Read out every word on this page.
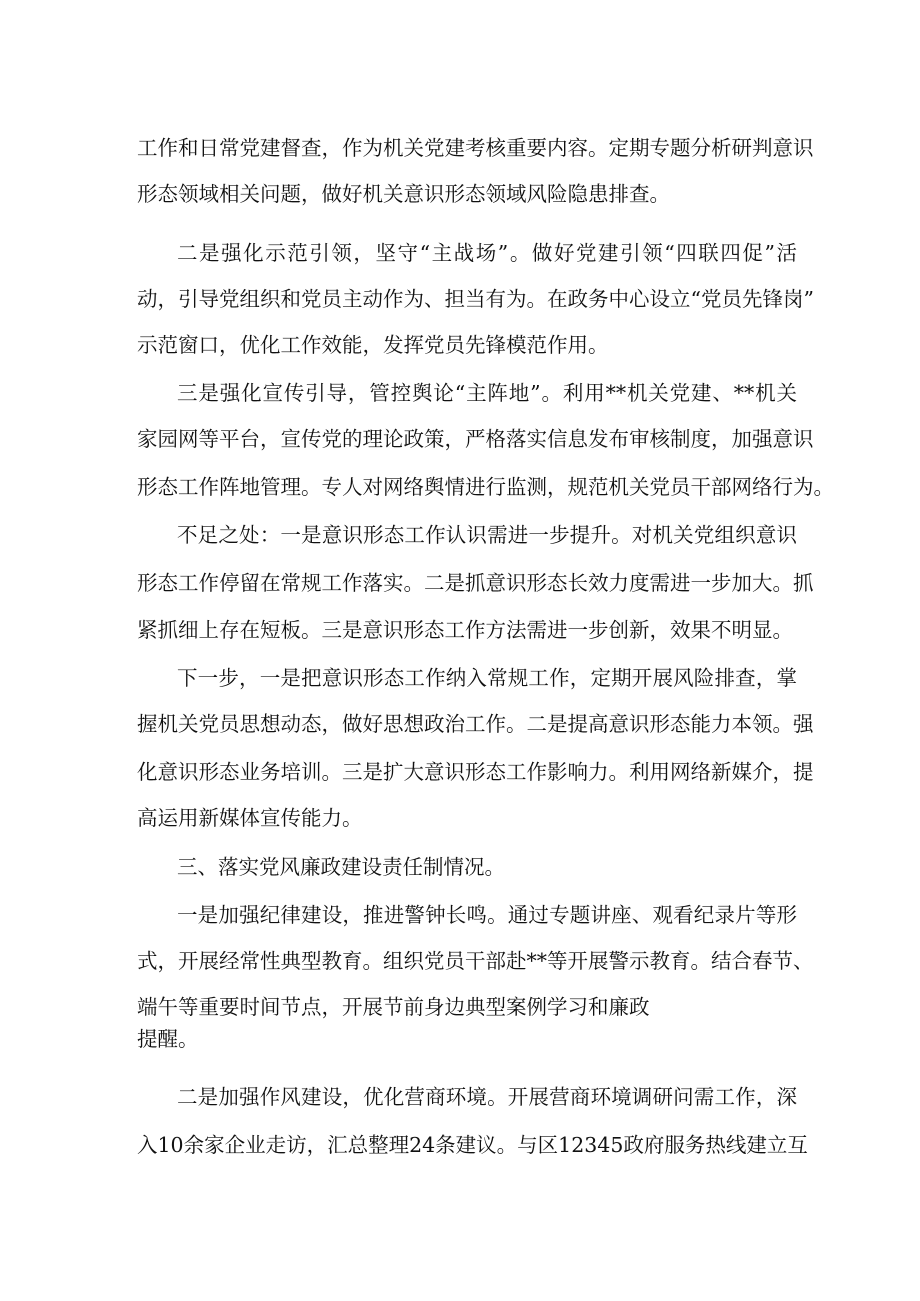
工作和日常党建督查，作为机关党建考核重要内容。定期专题分析研判意识
形态领域相关问题，做好机关意识形态领域风险隐患排查。
二是强化示范引领，坚守“主战场”。做好党建引领“四联四促”活
动，引导党组织和党员主动作为、担当有为。在政务中心设立“党员先锋岗”
示范窗口，优化工作效能，发挥党员先锋模范作用。
三是强化宣传引导，管控舆论“主阵地”。利用**机关党建、**机关
家园网等平台，宣传党的理论政策，严格落实信息发布审核制度，加强意识
形态工作阵地管理。专人对网络舆情进行监测，规范机关党员干部网络行为。
不足之处：一是意识形态工作认识需进一步提升。对机关党组织意识
形态工作停留在常规工作落实。二是抓意识形态长效力度需进一步加大。抓
紧抓细上存在短板。三是意识形态工作方法需进一步创新，效果不明显。
下一步，一是把意识形态工作纳入常规工作，定期开展风险排查，掌
握机关党员思想动态，做好思想政治工作。二是提高意识形态能力本领。强
化意识形态业务培训。三是扩大意识形态工作影响力。利用网络新媒介，提
高运用新媒体宣传能力。
三、落实党风廉政建设责任制情况。
一是加强纪律建设，推进警钟长鸣。通过专题讲座、观看纪录片等形
式，开展经常性典型教育。组织党员干部赴**等开展警示教育。结合春节、
端午等重要时间节点，开展节前身边典型案例学习和廉政
提醒。
二是加强作风建设，优化营商环境。开展营商环境调研问需工作，深
入10余家企业走访，汇总整理24条建议。与区12345政府服务热线建立互
